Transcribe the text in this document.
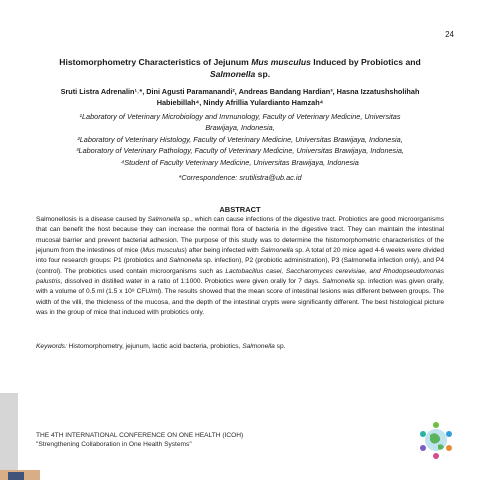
24
Histomorphometry Characteristics of Jejunum Mus musculus Induced by Probiotics and
Salmonella sp.
Sruti Listra Adrenalin¹˒*, Dini Agusti Paramanandi², Andreas Bandang Hardian³, Hasna Izzatushsholihah
Habiebillah⁴, Nindy Afrillia Yulardianto Hamzah⁴
¹Laboratory of Veterinary Microbiology and Immunology, Faculty of Veterinary Medicine, Universitas
Brawijaya, Indonesia,
²Laboratory of Veterinary Histology, Faculty of Veterinary Medicine, Universitas Brawijaya, Indonesia,
³Laboratory of Veterinary Pathology, Faculty of Veterinary Medicine, Universitas Brawijaya, Indonesia,
⁴Student of Faculty Veterinary Medicine, Universitas Brawijaya, Indonesia
*Correspondence: srutilistra@ub.ac.id
ABSTRACT
Salmonellosis is a disease caused by Salmonella sp., which can cause infections of the digestive tract. Probiotics are good microorganisms that can benefit the host because they can increase the normal flora of bacteria in the digestive tract. They can maintain the intestinal mucosal barrier and prevent bacterial adhesion. The purpose of this study was to determine the histomorphometric characteristics of the jejunum from the intestines of mice (Mus musculus) after being infected with Salmonella sp. A total of 20 mice aged 4-6 weeks were divided into four research groups: P1 (probiotics and Salmonella sp. infection), P2 (probiotic administration), P3 (Salmonella infection only), and P4 (control). The probiotics used contain microorganisms such as Lactobacillus casei, Saccharomyces cerevisiae, and Rhodopseudomonas palustris, dissolved in distilled water in a ratio of 1:1000. Probiotics were given orally for 7 days. Salmonella sp. infection was given orally, with a volume of 0.5 ml (1.5 x 10⁸ CFU/ml). The results showed that the mean score of intestinal lesions was different between groups. The width of the villi, the thickness of the mucosa, and the depth of the intestinal crypts were significantly different. The best histological picture was in the group of mice that induced with probiotics only.
Keywords: Histomorphometry, jejunum, lactic acid bacteria, probiotics, Salmonella sp.
THE 4TH INTERNATIONAL CONFERENCE ON ONE HEALTH (ICOH)
"Strengthening Collaboration in One Health Systems"
